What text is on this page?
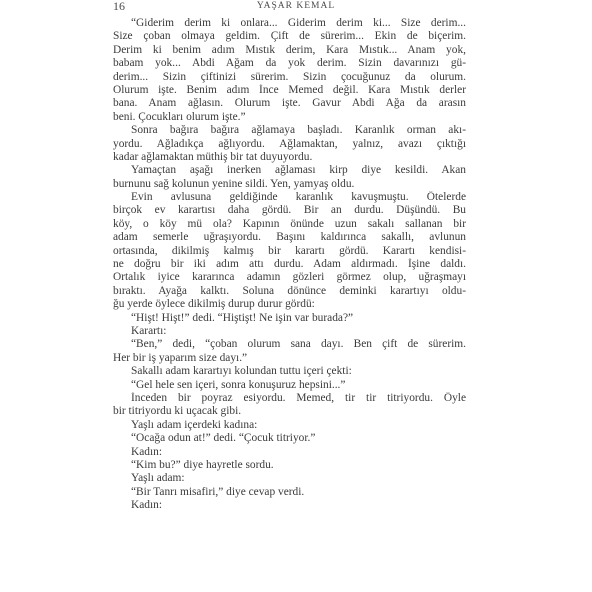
16	YAŞAR KEMAL
“Giderim derim ki onlara... Giderim derim ki... Size derim...
Size çoban olmaya geldim. Çift de sürerim... Ekin de biçerim.
Derim ki benim adım Mıstık derim, Kara Mıstık... Anam yok,
babam yok... Abdi Ağam da yok derim. Sizin davarınızı gü-
derim... Sizin çiftinizi sürerim. Sizin çocuğunuz da olurum.
Olurum işte. Benim adım İnce Memed değil. Kara Mıstık derler
bana. Anam ağlasın. Olurum işte. Gavur Abdi Ağa da arasın
beni. Çocukları olurum işte.”
Sonra bağıra bağıra ağlamaya başladı. Karanlık orman akı-
yordu. Ağladıkça ağlıyordu. Ağlamaktan, yalnız, avazı çıktığı
kadar ağlamaktan müthiş bir tat duyuyordu.
Yamaçtan aşağı inerken ağlaması kirp diye kesildi. Akan
burnunu sağ kolunun yenine sildi. Yen, yamyaş oldu.
Evin avlusuna geldiğinde karanlık kavuşmuştu. Ötelerde
birçok ev karartısı daha gördü. Bir an durdu. Düşündü. Bu
köy, o köy mü ola? Kapının önünde uzun sakalı sallanan bir
adam semerle uğraşıyordu. Başını kaldırınca sakallı, avlunun
ortasında, dikilmiş kalmış bir karartı gördü. Karartı kendisi-
ne doğru bir iki adım attı durdu. Adam aldırmadı. İşine daldı.
Ortalık iyice kararınca adamın gözleri görmez olup, uğraşmayı
bıraktı. Ayağa kalktı. Soluna dönünce deminki karartıyı oldu-
ğu yerde öylece dikilmiş durup durur gördü:
“Hişt! Hişt!” dedi. “Hiştişt! Ne işin var burada?”
Karartı:
“Ben,” dedi, “çoban olurum sana dayı. Ben çift de sürerim.
Her bir iş yaparım size dayı.”
Sakallı adam karartıyı kolundan tuttu içeri çekti:
“Gel hele sen içeri, sonra konuşuruz hepsini...”
İnceden bir poyraz esiyordu. Memed, tir tir titriyordu. Öyle
bir titriyordu ki uçacak gibi.
Yaşlı adam içerdeki kadına:
“Ocağa odun at!” dedi. “Çocuk titriyor.”
Kadın:
“Kim bu?” diye hayretle sordu.
Yaşlı adam:
“Bir Tanrı misafiri,” diye cevap verdi.
Kadın:
